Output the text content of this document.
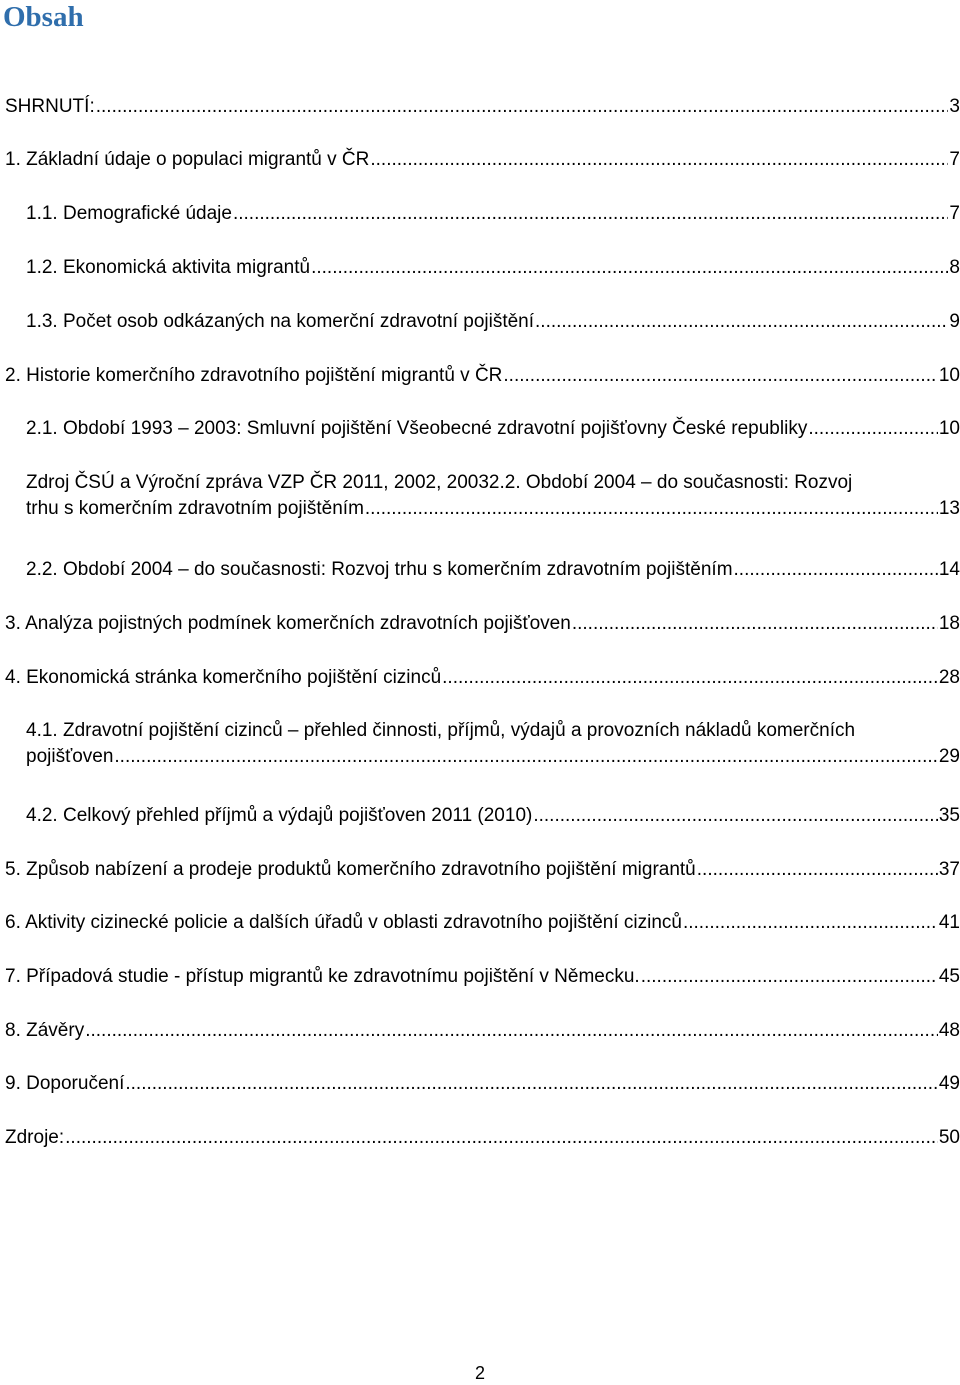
Obsah
SHRNUTÍ: .....	3
1. Základní údaje o populaci migrantů v ČR .....	7
1.1. Demografické údaje .....	7
1.2. Ekonomická aktivita migrantů .....	8
1.3. Počet osob odkázaných na komerční zdravotní pojištění .....	9
2. Historie komerčního zdravotního pojištění migrantů v ČR .....	10
2.1. Období 1993 – 2003: Smluvní pojištění Všeobecné zdravotní pojišťovny České republiky .....	10
Zdroj ČSÚ a Výroční zpráva VZP ČR 2011, 2002, 20032.2. Období 2004 – do současnosti: Rozvoj
trhu s komerčním zdravotním pojištěním .....	13
2.2. Období 2004 – do současnosti: Rozvoj trhu s komerčním zdravotním pojištěním .....	14
3. Analýza pojistných podmínek komerčních zdravotních pojišťoven .....	18
4. Ekonomická stránka komerčního pojištění cizinců .....	28
4.1. Zdravotní pojištění cizinců – přehled činnosti, příjmů, výdajů a provozních nákladů komerčních
pojišťoven .....	29
4.2. Celkový přehled příjmů a výdajů pojišťoven 2011 (2010) .....	35
5. Způsob nabízení a prodeje produktů komerčního zdravotního pojištění migrantů .....	37
6. Aktivity cizinecké policie a dalších úřadů v oblasti zdravotního pojištění cizinců .....	41
7. Případová studie - přístup migrantů ke zdravotnímu pojištění v Německu. .....	45
8. Závěry .....	48
9. Doporučení .....	49
Zdroje: .....	50
2
